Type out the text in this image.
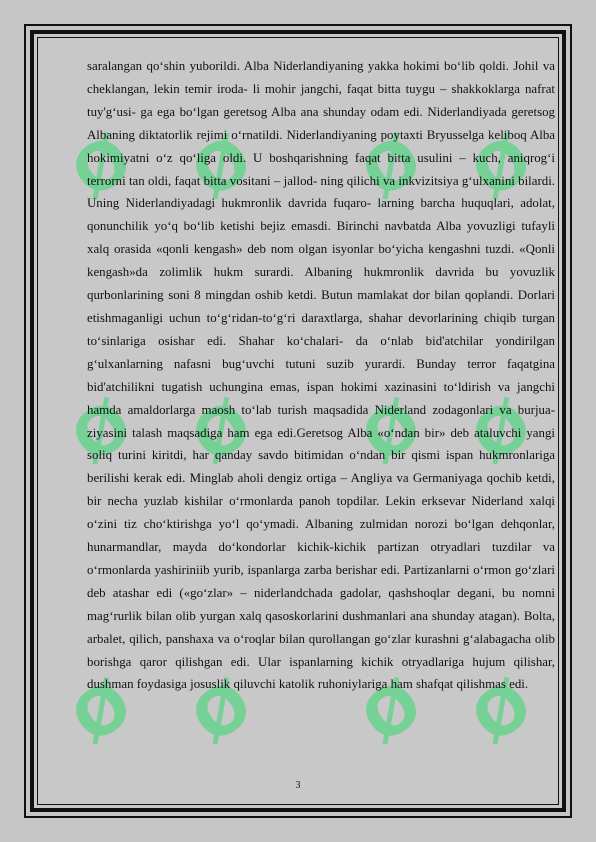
Ø Ø Ø Ø
Ø Ø Ø Ø
Ø Ø Ø Ø
saralangan qo‘shin yuborildi. Alba Niderlandiyaning yakka hokimi bo‘lib qoldi. Johil va cheklangan, lekin temir iroda- li mohir jangchi, faqat bitta tuygu – shakkoklarga nafrat tuy'g‘usi- ga ega bo‘lgan geretsog Alba ana shunday odam edi. Niderlandiyada geretsog Albaning diktatorlik rejimi o‘rnatildi. Niderlandiyaning poytaxti Bryusselga keliboq Alba hokimiyatni o‘z qo‘liga oldi. U boshqarishning faqat bitta usulini – kuch, aniqrog‘i terrorni tan oldi, faqat bitta vositani – jallod- ning qilichi va inkvizitsiya g‘ulxanini bilardi. Uning Niderlandiyadagi hukmronlik davrida fuqaro- larning barcha huquqlari, adolat, qonunchilik yo‘q bo‘lib ketishi bejiz emasdi. Birinchi navbatda Alba yovuzligi tufayli xalq orasida «qonli kengash» deb nom olgan isyonlar bo‘yicha kengashni tuzdi. «Qonli kengash»da zolimlik hukm surardi. Albaning hukmronlik davrida bu yovuzlik qurbonlarining soni 8 mingdan oshib ketdi. Butun mamlakat dor bilan qoplandi. Dorlari etishmaganligi uchun to‘g‘ridan-to‘g‘ri daraxtlarga, shahar devorlarining chiqib turgan to‘sinlariga osishar edi. Shahar ko‘chalari- da o‘nlab bid'atchilar yondirilgan g‘ulxanlarning nafasni bug‘uvchi tutuni suzib yurardi. Bunday terror faqatgina bid'atchilikni tugatish uchungina emas, ispan hokimi xazinasini to‘ldirish va jangchi hamda amaldorlarga maosh to‘lab turish maqsadida Niderland zodagonlari va burjua- ziyasini talash maqsadiga ham ega edi.Geretsog Alba «o‘ndan bir» deb ataluvchi yangi soliq turini kiritdi, har qanday savdo bitimidan o‘ndan bir qismi ispan hukmronlariga berilishi kerak edi. Minglab aholi dengiz ortiga – Angliya va Germaniyaga qochib ketdi, bir necha yuzlab kishilar o‘rmonlarda panoh topdilar. Lekin erksevar Niderland xalqi o‘zini tiz cho‘ktirishga yo‘l qo‘ymadi. Albaning zulmidan norozi bo‘lgan dehqonlar, hunarmandlar, mayda do‘kondorlar kichik-kichik partizan otryadlari tuzdilar va o‘rmonlarda yashiriniib yurib, ispanlarga zarba berishar edi. Partizanlarni o‘rmon go‘zlari deb atashar edi («go‘zlar» – niderlandchada gadolar, qashshoqlar degani, bu nomni mag‘rurlik bilan olib yurgan xalq qasoskorlarini dushmanlari ana shunday atagan). Bolta, arbalet, qilich, panshaxa va o‘roqlar bilan qurollangan go‘zlar kurashni g‘alabagacha olib borishga qaror qilishgan edi. Ular ispanlarning kichik otryadlariga hujum qilishar, dushman foydasiga josuslik qiluvchi katolik ruhoniylariga ham shafqat qilishmas edi.
3
